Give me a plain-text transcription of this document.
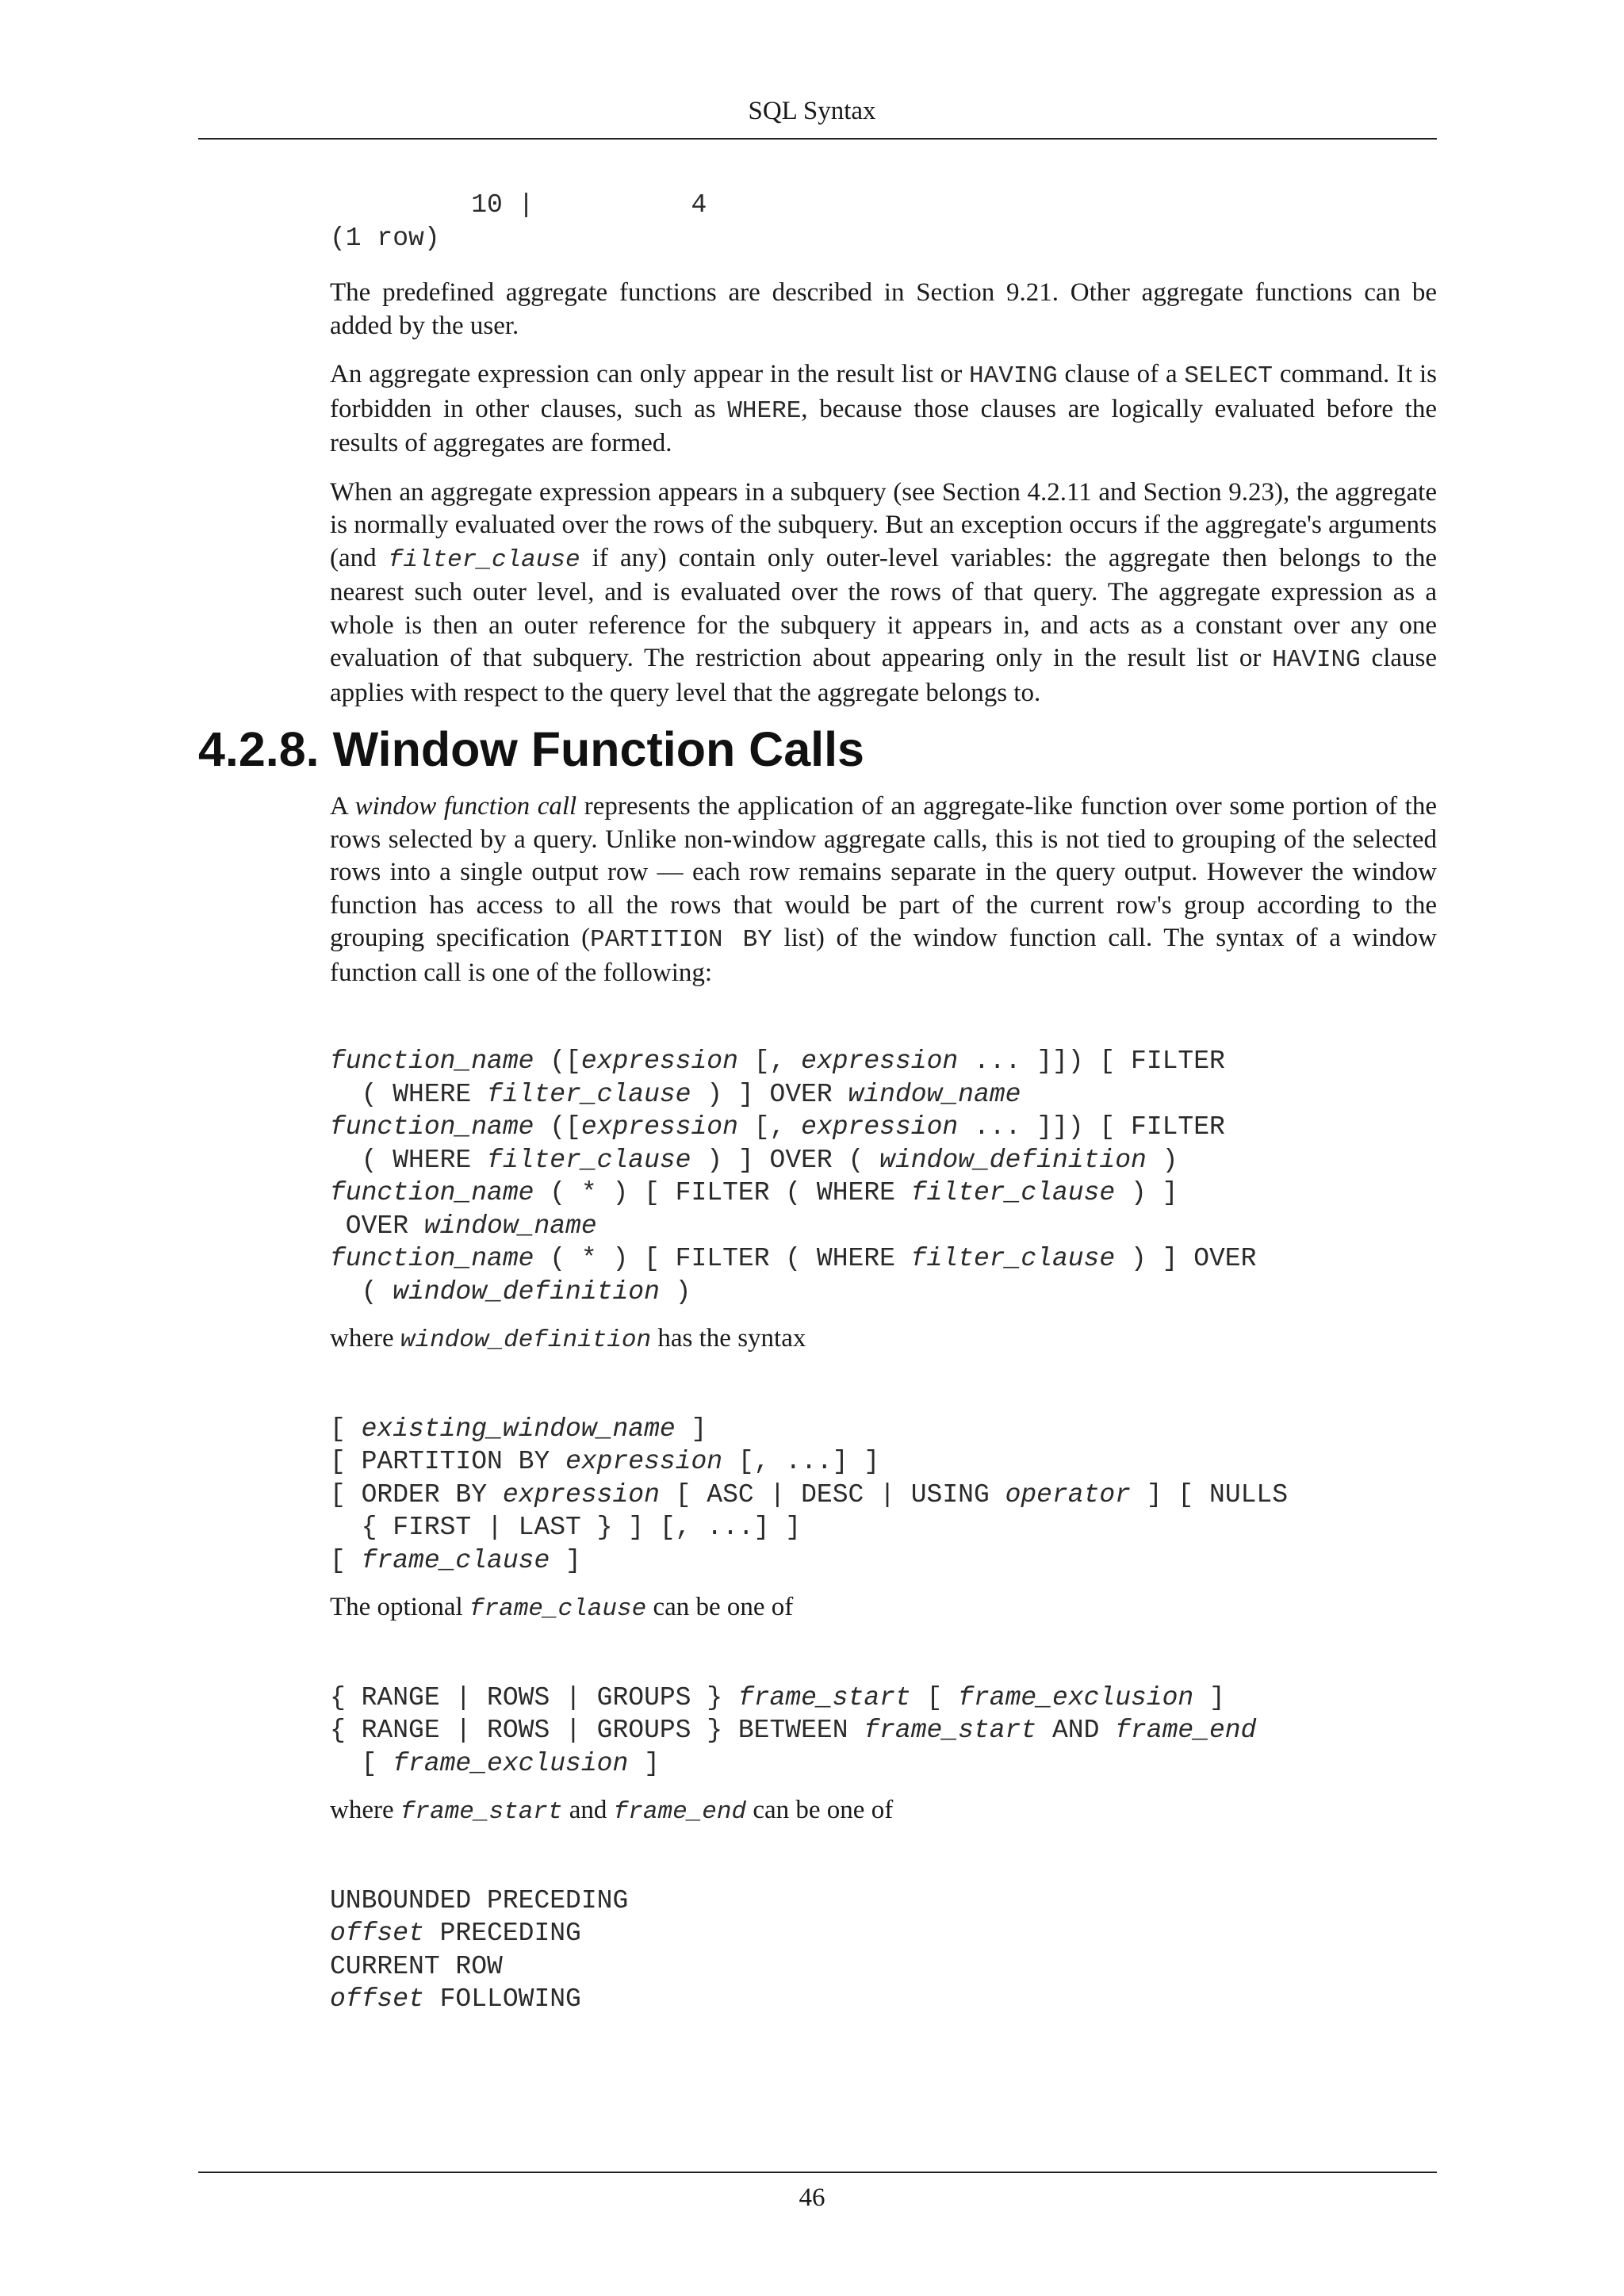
SQL Syntax
10 |          4
(1 row)

The predefined aggregate functions are described in Section 9.21. Other aggregate functions can be added by the user.

An aggregate expression can only appear in the result list or HAVING clause of a SELECT command. It is forbidden in other clauses, such as WHERE, because those clauses are logically evaluated before the results of aggregates are formed.

When an aggregate expression appears in a subquery (see Section 4.2.11 and Section 9.23), the aggregate is normally evaluated over the rows of the subquery. But an exception occurs if the aggregate's arguments (and filter_clause if any) contain only outer-level variables: the aggregate then belongs to the nearest such outer level, and is evaluated over the rows of that query. The aggregate expression as a whole is then an outer reference for the subquery it appears in, and acts as a constant over any one evaluation of that subquery. The restriction about appearing only in the result list or HAVING clause applies with respect to the query level that the aggregate belongs to.

4.2.8. Window Function Calls

A window function call represents the application of an aggregate-like function over some portion of the rows selected by a query. Unlike non-window aggregate calls, this is not tied to grouping of the selected rows into a single output row — each row remains separate in the query output. However the window function has access to all the rows that would be part of the current row's group according to the grouping specification (PARTITION BY list) of the window function call. The syntax of a window function call is one of the following:

function_name ([expression [, expression ... ]]) [ FILTER
( WHERE filter_clause ) ] OVER window_name
function_name ([expression [, expression ... ]]) [ FILTER
( WHERE filter_clause ) ] OVER ( window_definition )
function_name ( * ) [ FILTER ( WHERE filter_clause ) ]
OVER window_name
function_name ( * ) [ FILTER ( WHERE filter_clause ) ] OVER
( window_definition )

where window_definition has the syntax

[ existing_window_name ]
[ PARTITION BY expression [, ...] ]
[ ORDER BY expression [ ASC | DESC | USING operator ] [ NULLS
{ FIRST | LAST } ] [, ...] ]
[ frame_clause ]

The optional frame_clause can be one of

{ RANGE | ROWS | GROUPS } frame_start [ frame_exclusion ]
{ RANGE | ROWS | GROUPS } BETWEEN frame_start AND frame_end
[ frame_exclusion ]

where frame_start and frame_end can be one of

UNBOUNDED PRECEDING
offset PRECEDING
CURRENT ROW
offset FOLLOWING
46
